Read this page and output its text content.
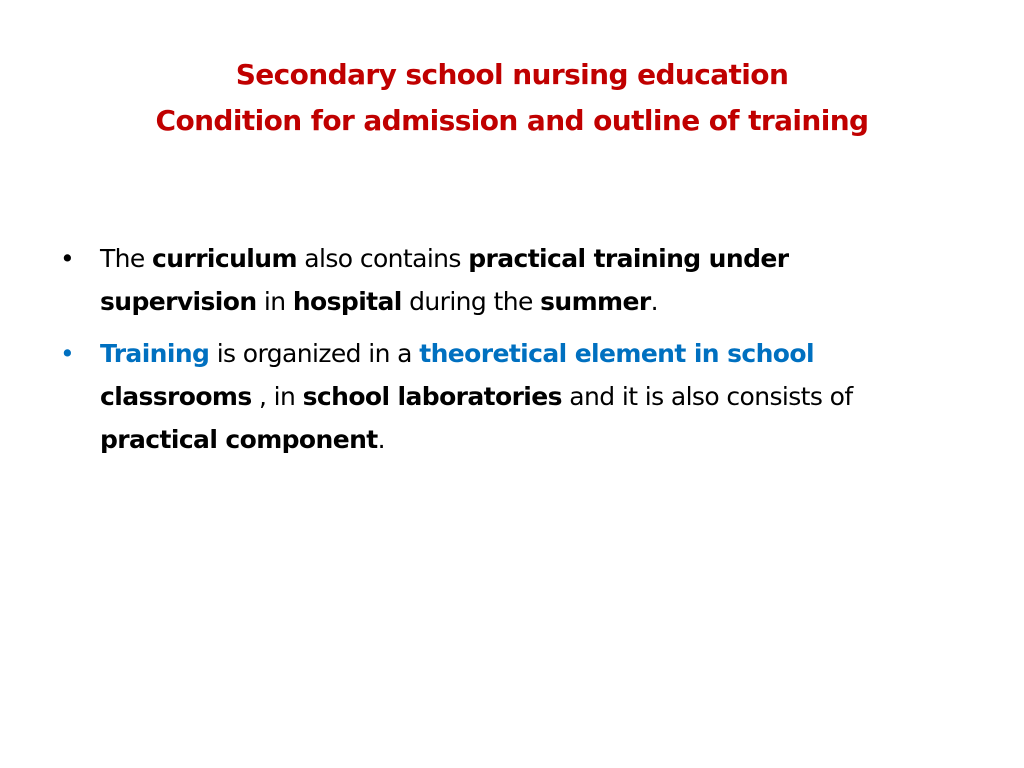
Secondary school nursing education
Condition for admission and outline of training
• The curriculum also contains practical training under supervision in hospital during the summer.
• Training is organized in a theoretical element in school classrooms , in school laboratories and it is also consists of practical component.
